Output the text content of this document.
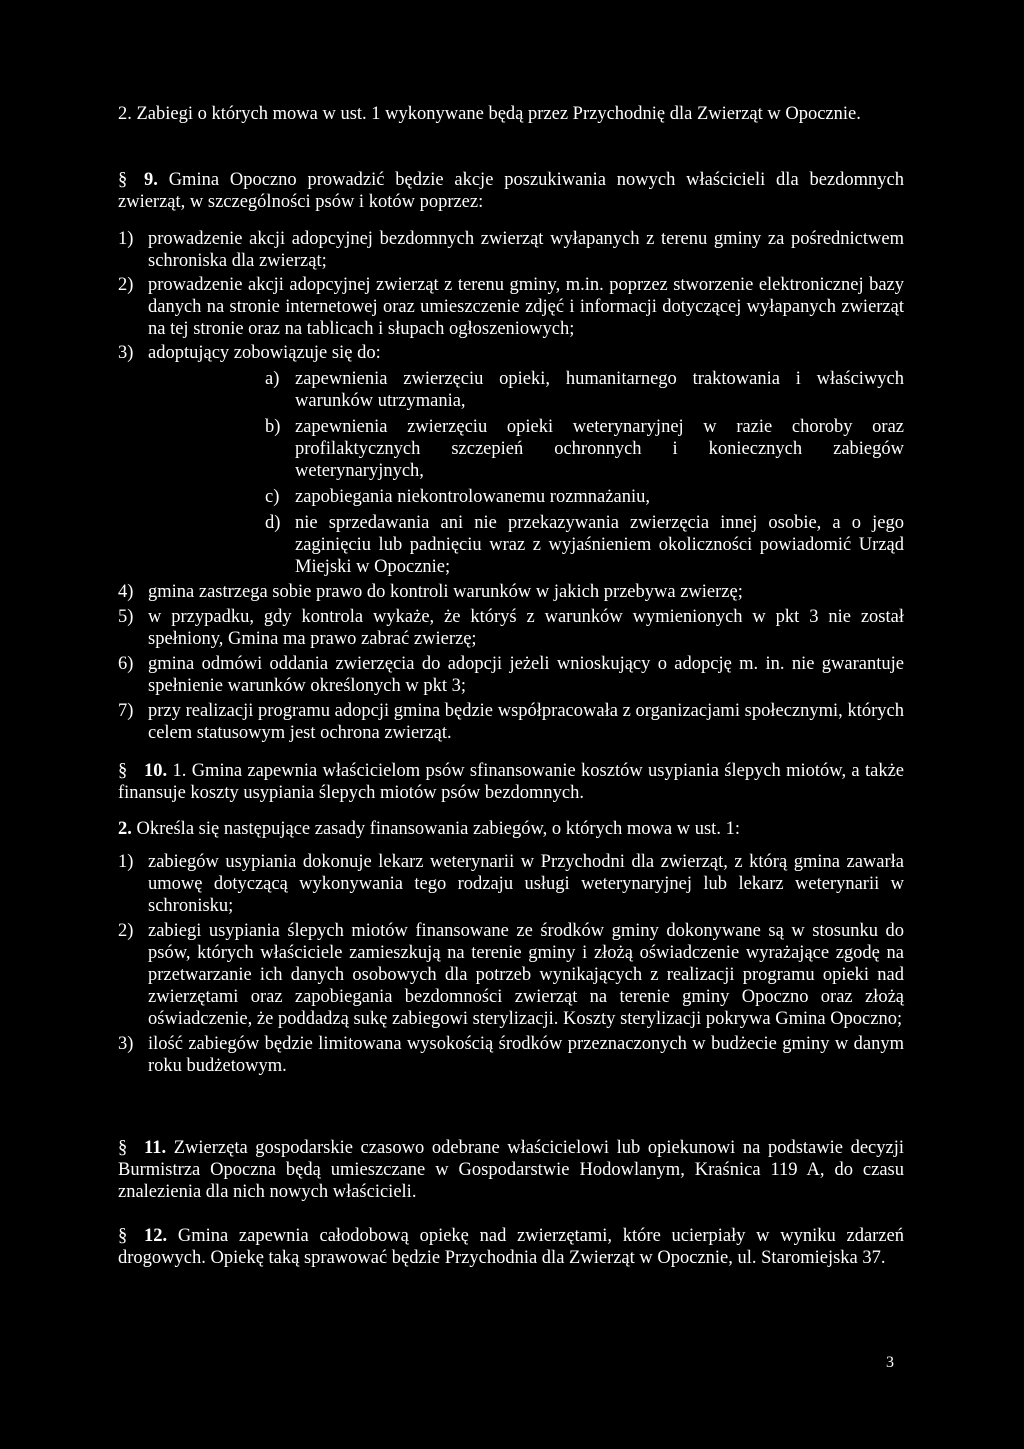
2. Zabiegi o których mowa w ust. 1 wykonywane będą przez Przychodnię dla Zwierząt w Opocznie.

§ 9. Gmina Opoczno prowadzić będzie akcje poszukiwania nowych właścicieli dla bezdomnych zwierząt, w szczególności psów i kotów poprzez:

1) prowadzenie akcji adopcyjnej bezdomnych zwierząt wyłapanych z terenu gminy za pośrednictwem schroniska dla zwierząt;
2) prowadzenie akcji adopcyjnej zwierząt z terenu gminy, m.in. poprzez stworzenie elektronicznej bazy danych na stronie internetowej oraz umieszczenie zdjęć i informacji dotyczącej wyłapanych zwierząt na tej stronie oraz na tablicach i słupach ogłoszeniowych;
3) adoptujący zobowiązuje się do:
a) zapewnienia zwierzęciu opieki, humanitarnego traktowania i właściwych warunków utrzymania,
b) zapewnienia zwierzęciu opieki weterynaryjnej w razie choroby oraz profilaktycznych szczepień ochronnych i koniecznych zabiegów weterynaryjnych,
c) zapobiegania niekontrolowanemu rozmnażaniu,
d) nie sprzedawania ani nie przekazywania zwierzęcia innej osobie, a o jego zaginięciu lub padnięciu wraz z wyjaśnieniem okoliczności powiadomić Urząd Miejski w Opocznie;
4) gmina zastrzega sobie prawo do kontroli warunków w jakich przebywa zwierzę;
5) w przypadku, gdy kontrola wykaże, że któryś z warunków wymienionych w pkt 3 nie został spełniony, Gmina ma prawo zabrać zwierzę;
6) gmina odmówi oddania zwierzęcia do adopcji jeżeli wnioskujący o adopcję m. in. nie gwarantuje spełnienie warunków określonych w pkt 3;
7) przy realizacji programu adopcji gmina będzie współpracowała z organizacjami społecznymi, których celem statusowym jest ochrona zwierząt.

§ 10. 1. Gmina zapewnia właścicielom psów sfinansowanie kosztów usypiania ślepych miotów, a także finansuje koszty usypiania ślepych miotów psów bezdomnych.

2. Określa się następujące zasady finansowania zabiegów, o których mowa w ust. 1:

1) zabiegów usypiania dokonuje lekarz weterynarii w Przychodni dla zwierząt, z którą gmina zawarła umowę dotyczącą wykonywania tego rodzaju usługi weterynaryjnej lub lekarz weterynarii w schronisku;
2) zabiegi usypiania ślepych miotów finansowane ze środków gminy dokonywane są w stosunku do psów, których właściciele zamieszkują na terenie gminy i złożą oświadczenie wyrażające zgodę na przetwarzanie ich danych osobowych dla potrzeb wynikających z realizacji programu opieki nad zwierzętami oraz zapobiegania bezdomności zwierząt na terenie gminy Opoczno oraz złożą oświadczenie, że poddadzą sukę zabiegowi sterylizacji. Koszty sterylizacji pokrywa Gmina Opoczno;
3) ilość zabiegów będzie limitowana wysokością środków przeznaczonych w budżecie gminy w danym roku budżetowym.

§ 11. Zwierzęta gospodarskie czasowo odebrane właścicielowi lub opiekunowi na podstawie decyzji Burmistrza Opoczna będą umieszczane w Gospodarstwie Hodowlanym, Kraśnica 119 A, do czasu znalezienia dla nich nowych właścicieli.

§ 12. Gmina zapewnia całodobową opiekę nad zwierzętami, które ucierpiały w wyniku zdarzeń drogowych. Opiekę taką sprawować będzie Przychodnia dla Zwierząt w Opocznie, ul. Staromiejska 37.

3
